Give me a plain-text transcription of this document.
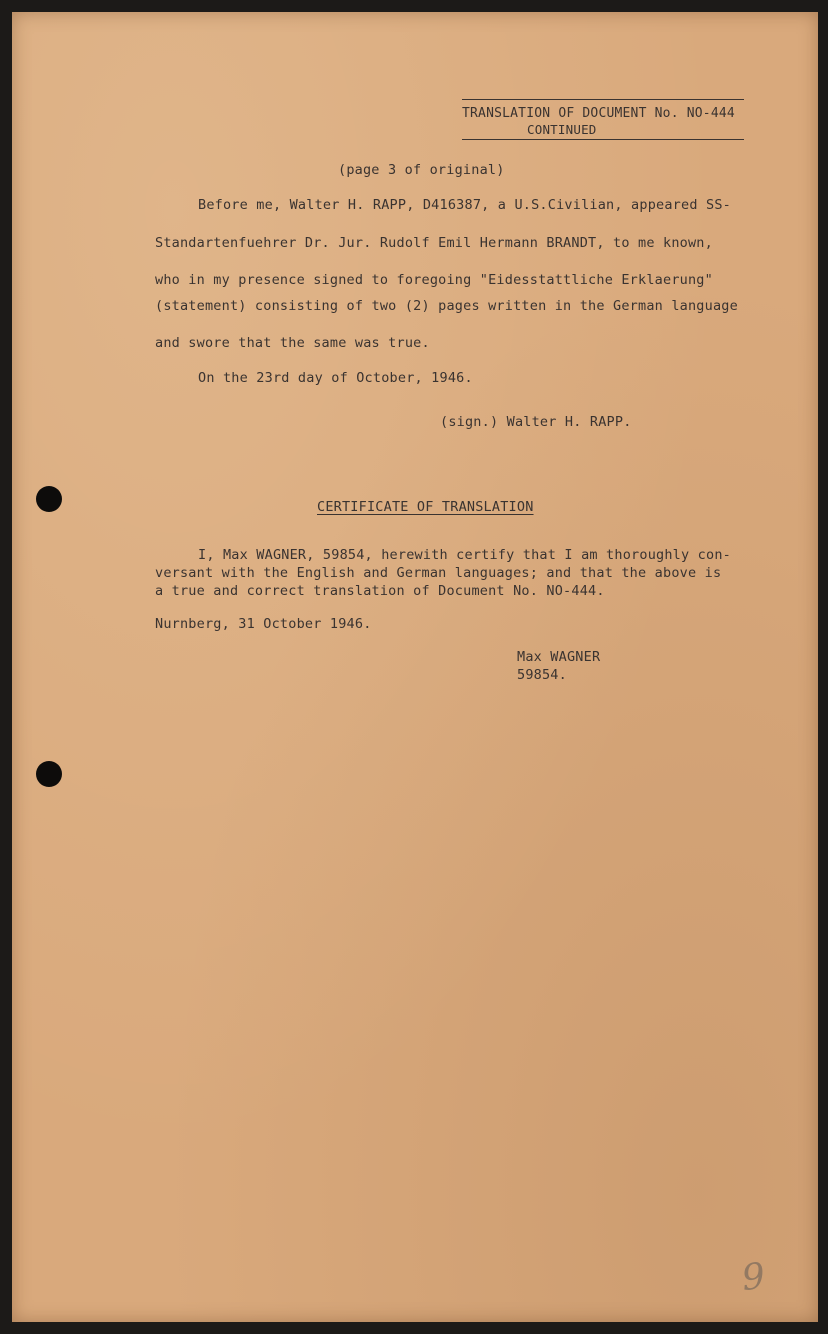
TRANSLATION OF DOCUMENT No. NO-444
CONTINUED
(page 3 of original)
Before me, Walter H. RAPP, D416387, a U.S.Civilian, appeared SS-
Standartenfuehrer Dr. Jur. Rudolf Emil Hermann BRANDT, to me known,
who in my presence signed to foregoing "Eidesstattliche Erklaerung"
(statement) consisting of two (2) pages written in the German language
and swore that the same was true.
On the 23rd day of October, 1946.
(sign.) Walter H. RAPP.
CERTIFICATE OF TRANSLATION
I, Max WAGNER, 59854, herewith certify that I am thoroughly con-
versant with the English and German languages; and that the above is
a true and correct translation of Document No. NO-444.
Nurnberg, 31 October 1946.
Max WAGNER
59854.
9
